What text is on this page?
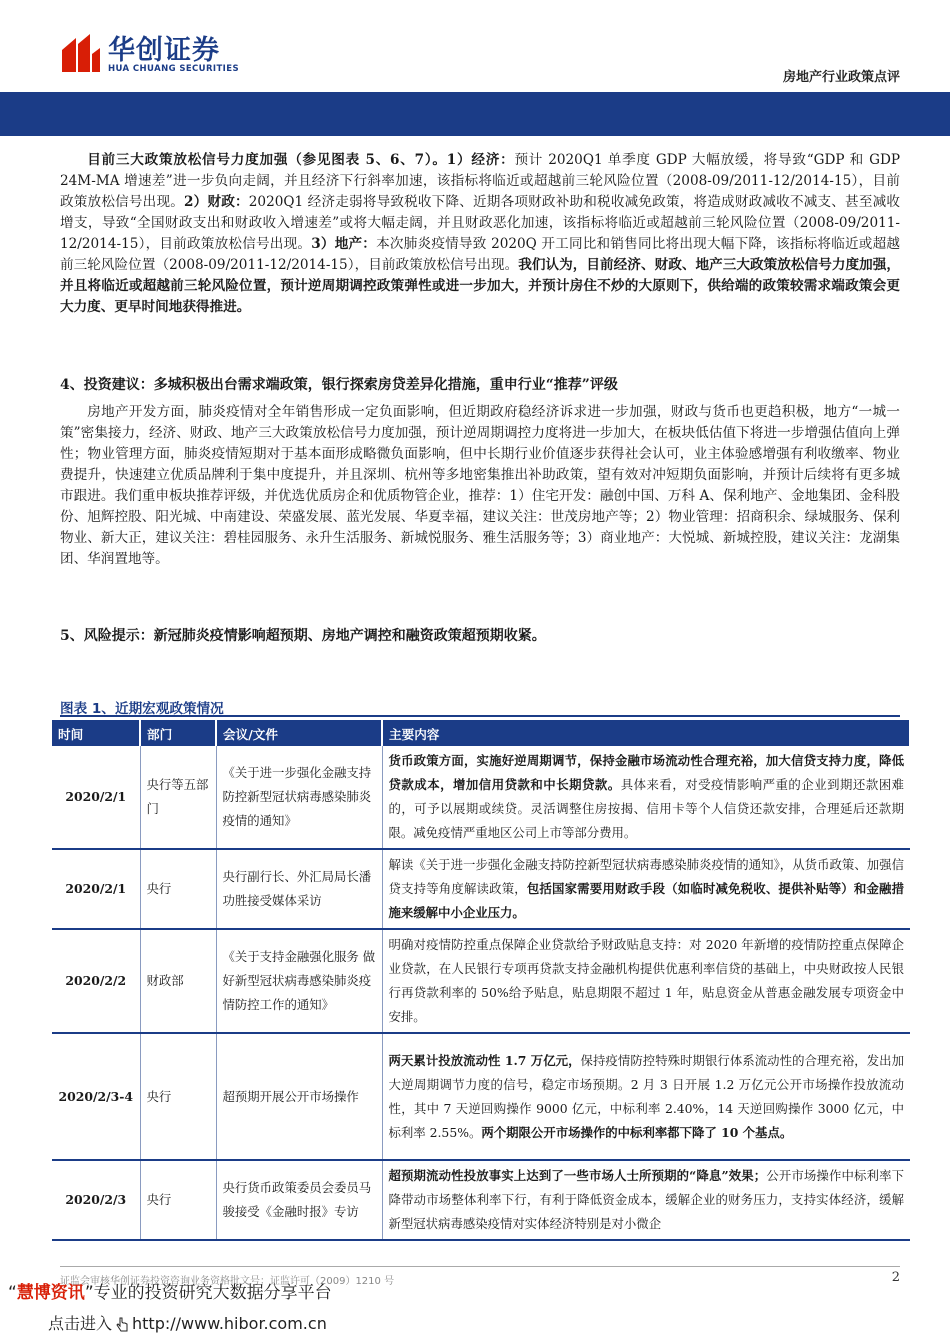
华创证券
HUA CHUANG SECURITIES
房地产行业政策点评
目前三大政策放松信号力度加强（参见图表 5、6、7）。1）经济：预计 2020Q1 单季度 GDP 大幅放缓，将导致“GDP 和 GDP 24M-MA 增速差”进一步负向走阔，并且经济下行斜率加速，该指标将临近或超越前三轮风险位置（2008-09/2011-12/2014-15），目前政策放松信号出现。2）财政：2020Q1 经济走弱将导致税收下降、近期各项财政补助和税收减免政策，将造成财政减收不减支、甚至减收增支，导致“全国财政支出和财政收入增速差”或将大幅走阔，并且财政恶化加速，该指标将临近或超越前三轮风险位置（2008-09/2011-12/2014-15），目前政策放松信号出现。3）地产：本次肺炎疫情导致 2020Q 开工同比和销售同比将出现大幅下降，该指标将临近或超越前三轮风险位置（2008-09/2011-12/2014-15），目前政策放松信号出现。我们认为，目前经济、财政、地产三大政策放松信号力度加强，并且将临近或超越前三轮风险位置，预计逆周期调控政策弹性或进一步加大，并预计房住不炒的大原则下，供给端的政策较需求端政策会更大力度、更早时间地获得推进。
4、投资建议：多城积极出台需求端政策，银行探索房贷差异化措施，重申行业“推荐”评级
房地产开发方面，肺炎疫情对全年销售形成一定负面影响，但近期政府稳经济诉求进一步加强，财政与货币也更趋积极，地方“一城一策”密集接力，经济、财政、地产三大政策放松信号力度加强，预计逆周期调控力度将进一步加大，在板块低估值下将进一步增强估值向上弹性；物业管理方面，肺炎疫情短期对于基本面形成略微负面影响，但中长期行业价值逐步获得社会认可，业主体验感增强有利收缴率、物业费提升，快速建立优质品牌利于集中度提升，并且深圳、杭州等多地密集推出补助政策，望有效对冲短期负面影响，并预计后续将有更多城市跟进。我们重申板块推荐评级，并优选优质房企和优质物管企业，推荐：1）住宅开发：融创中国、万科 A、保利地产、金地集团、金科股份、旭辉控股、阳光城、中南建设、荣盛发展、蓝光发展、华夏幸福，建议关注：世茂房地产等；2）物业管理：招商积余、绿城服务、保利物业、新大正，建议关注：碧桂园服务、永升生活服务、新城悦服务、雅生活服务等；3）商业地产：大悦城、新城控股，建议关注：龙湖集团、华润置地等。
5、风险提示：新冠肺炎疫情影响超预期、房地产调控和融资政策超预期收紧。
图表 1、近期宏观政策情况
时间	部门	会议/文件	主要内容
2020/2/1	央行等五部门	《关于进一步强化金融支持防控新型冠状病毒感染肺炎疫情的通知》	货币政策方面，实施好逆周期调节，保持金融市场流动性合理充裕，加大信贷支持力度，降低贷款成本，增加信用贷款和中长期贷款。具体来看，对受疫情影响严重的企业到期还款困难的，可予以展期或续贷。灵活调整住房按揭、信用卡等个人信贷还款安排，合理延后还款期限。减免疫情严重地区公司上市等部分费用。
2020/2/1	央行	央行副行长、外汇局局长潘功胜接受媒体采访	解读《关于进一步强化金融支持防控新型冠状病毒感染肺炎疫情的通知》，从货币政策、加强信贷支持等角度解读政策，包括国家需要用财政手段（如临时减免税收、提供补贴等）和金融措施来缓解中小企业压力。
2020/2/2	财政部	《关于支持金融强化服务 做好新型冠状病毒感染肺炎疫情防控工作的通知》	明确对疫情防控重点保障企业贷款给予财政贴息支持：对 2020 年新增的疫情防控重点保障企业贷款，在人民银行专项再贷款支持金融机构提供优惠利率信贷的基础上，中央财政按人民银行再贷款利率的 50%给予贴息，贴息期限不超过 1 年，贴息资金从普惠金融发展专项资金中安排。
2020/2/3-4	央行	超预期开展公开市场操作	两天累计投放流动性 1.7 万亿元，保持疫情防控特殊时期银行体系流动性的合理充裕，发出加大逆周期调节力度的信号，稳定市场预期。2 月 3 日开展 1.2 万亿元公开市场操作投放流动性，其中 7 天逆回购操作 9000 亿元，中标利率 2.40%，14 天逆回购操作 3000 亿元，中标利率 2.55%。两个期限公开市场操作的中标利率都下降了 10 个基点。
2020/2/3	央行	央行货币政策委员会委员马骏接受《金融时报》专访	超预期流动性投放事实上达到了一些市场人士所预期的“降息”效果；公开市场操作中标利率下降带动市场整体利率下行，有利于降低资金成本，缓解企业的财务压力，支持实体经济，缓解新型冠状病毒感染疫情对实体经济特别是对小微企
证监会审核华创证券投资咨询业务资格批文号：证监许可（2009）1210 号	2
“慧博资讯”专业的投资研究大数据分享平台
点击进入 http://www.hibor.com.cn
